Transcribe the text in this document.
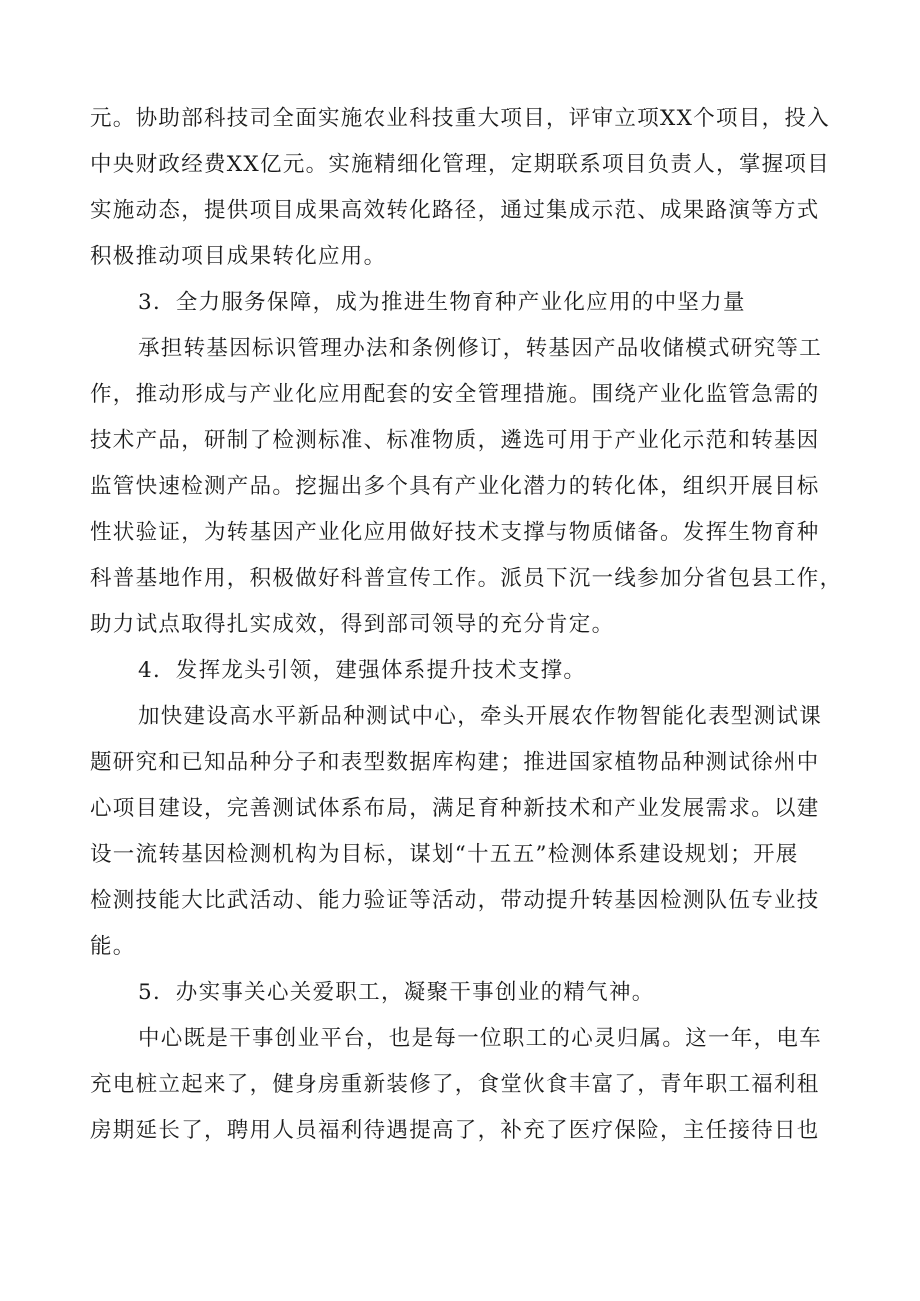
元。协助部科技司全面实施农业科技重大项目，评审立项XX个项目，投入
中央财政经费XX亿元。实施精细化管理，定期联系项目负责人，掌握项目
实施动态，提供项目成果高效转化路径，通过集成示范、成果路演等方式
积极推动项目成果转化应用。

3．全力服务保障，成为推进生物育种产业化应用的中坚力量

承担转基因标识管理办法和条例修订，转基因产品收储模式研究等工
作，推动形成与产业化应用配套的安全管理措施。围绕产业化监管急需的
技术产品，研制了检测标准、标准物质，遴选可用于产业化示范和转基因
监管快速检测产品。挖掘出多个具有产业化潜力的转化体，组织开展目标
性状验证，为转基因产业化应用做好技术支撑与物质储备。发挥生物育种
科普基地作用，积极做好科普宣传工作。派员下沉一线参加分省包县工作，
助力试点取得扎实成效，得到部司领导的充分肯定。

4．发挥龙头引领，建强体系提升技术支撑。

加快建设高水平新品种测试中心，牵头开展农作物智能化表型测试课
题研究和已知品种分子和表型数据库构建；推进国家植物品种测试徐州中
心项目建设，完善测试体系布局，满足育种新技术和产业发展需求。以建
设一流转基因检测机构为目标，谋划“十五五”检测体系建设规划；开展
检测技能大比武活动、能力验证等活动，带动提升转基因检测队伍专业技
能。

5．办实事关心关爱职工，凝聚干事创业的精气神。

中心既是干事创业平台，也是每一位职工的心灵归属。这一年，电车
充电桩立起来了，健身房重新装修了，食堂伙食丰富了，青年职工福利租
房期延长了，聘用人员福利待遇提高了，补充了医疗保险，主任接待日也
